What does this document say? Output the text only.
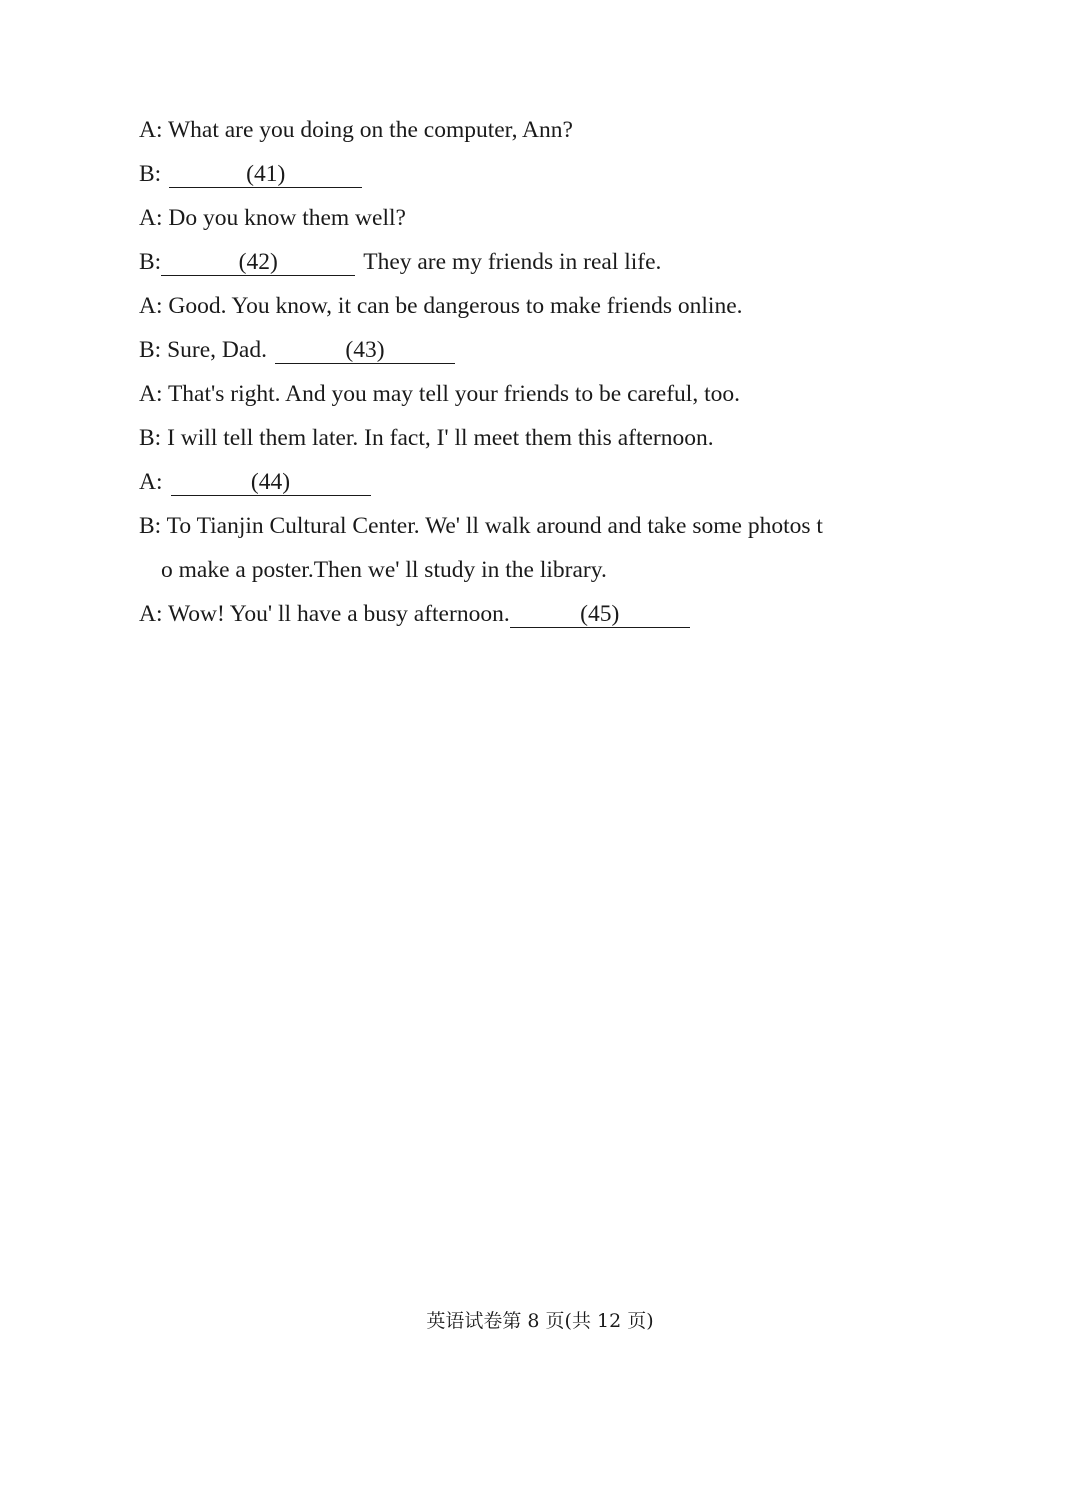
A: What are you doing on the computer, Ann?
B:	(41)
A: Do you know them well?
B:	(42)	They are my friends in real life.
A: Good. You know, it can be dangerous to make friends online.
B: Sure, Dad.	(43)
A: That's right. And you may tell your friends to be careful, too.
B: I will tell them later. In fact, I' ll meet them this afternoon.
A:	(44)
B: To Tianjin Cultural Center. We' ll walk around and take some photos t
o make a poster.Then we' ll study in the library.
A: Wow! You' ll have a busy afternoon.	(45)
英语试卷第 8 页(共 12 页)
